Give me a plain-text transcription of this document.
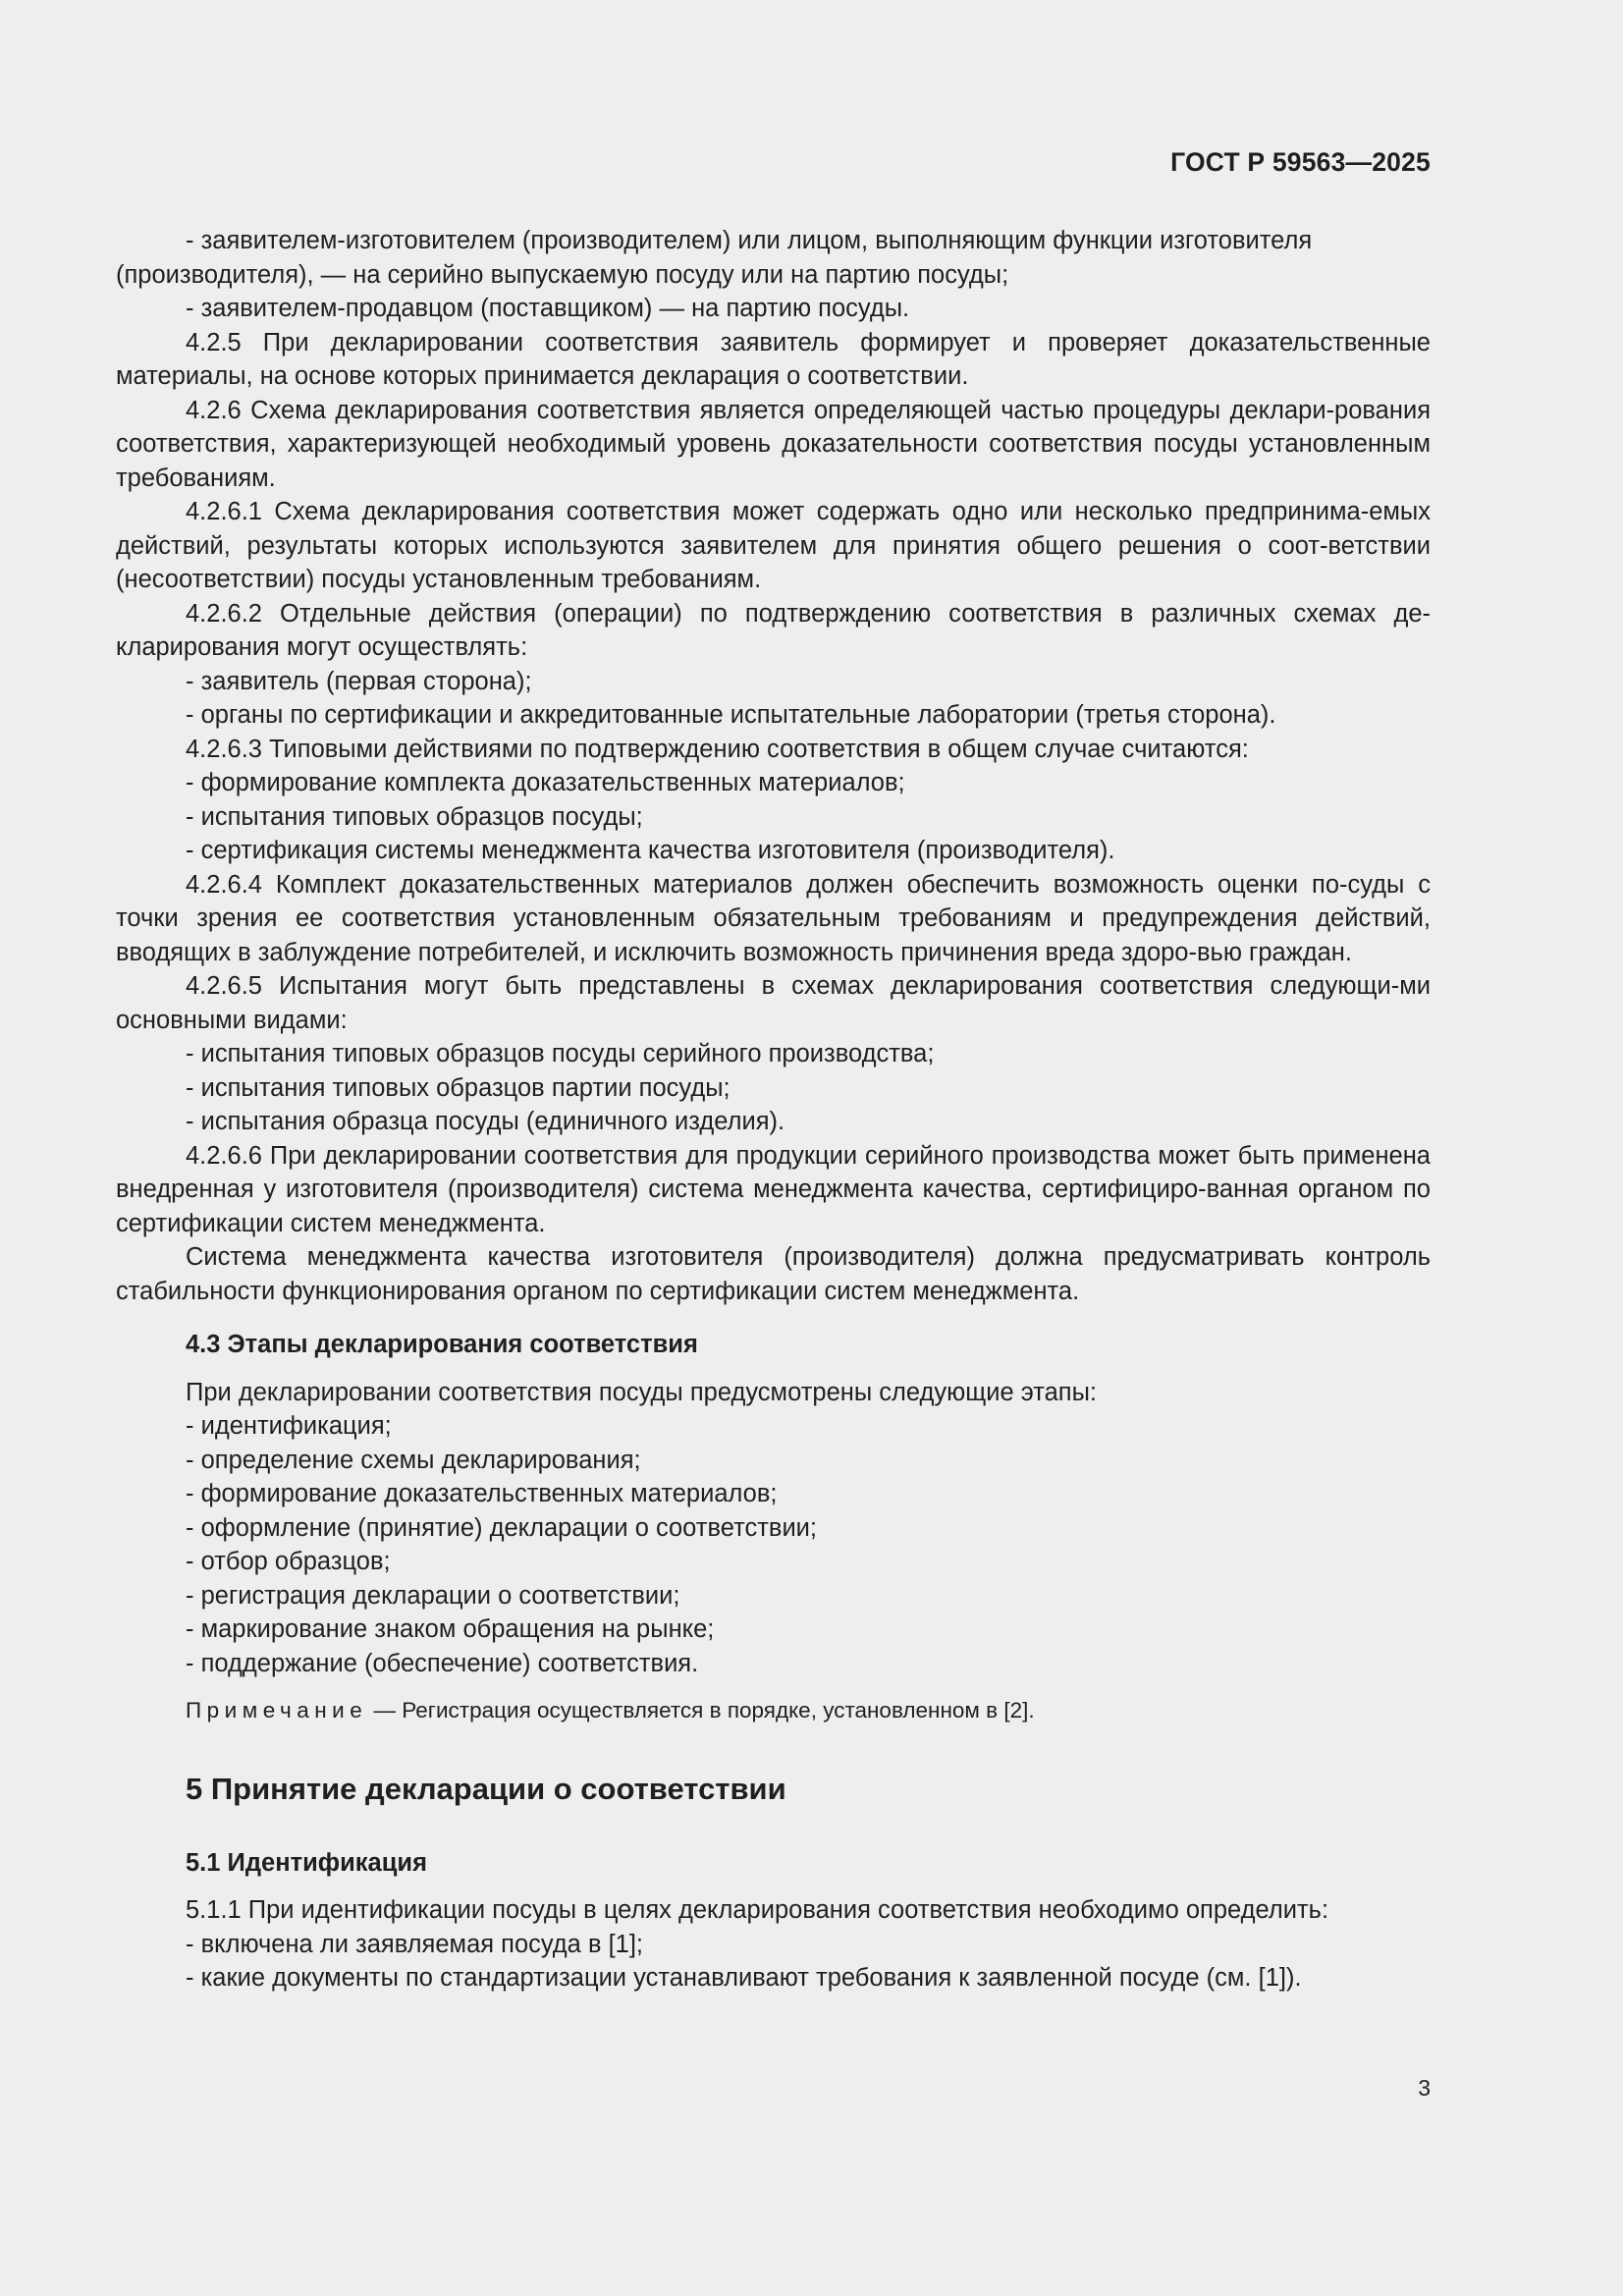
ГОСТ Р 59563—2025

- заявителем-изготовителем (производителем) или лицом, выполняющим функции изготовителя

(производителя), — на серийно выпускаемую посуду или на партию посуды;

- заявителем-продавцом (поставщиком) — на партию посуды.

4.2.5 При декларировании соответствия заявитель формирует и проверяет доказательственные материалы, на основе которых принимается декларация о соответствии.

4.2.6 Схема декларирования соответствия является определяющей частью процедуры деклари-рования соответствия, характеризующей необходимый уровень доказательности соответствия посуды установленным требованиям.

4.2.6.1 Схема декларирования соответствия может содержать одно или несколько предпринима-емых действий, результаты которых используются заявителем для принятия общего решения о соот-ветствии (несоответствии) посуды установленным требованиям.

4.2.6.2 Отдельные действия (операции) по подтверждению соответствия в различных схемах де-кларирования могут осуществлять:

- заявитель (первая сторона);

- органы по сертификации и аккредитованные испытательные лаборатории (третья сторона).

4.2.6.3 Типовыми действиями по подтверждению соответствия в общем случае считаются:

- формирование комплекта доказательственных материалов;

- испытания типовых образцов посуды;

- сертификация системы менеджмента качества изготовителя (производителя).

4.2.6.4 Комплект доказательственных материалов должен обеспечить возможность оценки по-суды с точки зрения ее соответствия установленным обязательным требованиям и предупреждения действий, вводящих в заблуждение потребителей, и исключить возможность причинения вреда здоро-вью граждан.

4.2.6.5 Испытания могут быть представлены в схемах декларирования соответствия следующи-ми основными видами:

- испытания типовых образцов посуды серийного производства;

- испытания типовых образцов партии посуды;

- испытания образца посуды (единичного изделия).

4.2.6.6 При декларировании соответствия для продукции серийного производства может быть применена внедренная у изготовителя (производителя) система менеджмента качества, сертифициро-ванная органом по сертификации систем менеджмента.

Система менеджмента качества изготовителя (производителя) должна предусматривать контроль стабильности функционирования органом по сертификации систем менеджмента.

4.3 Этапы декларирования соответствия

При декларировании соответствия посуды предусмотрены следующие этапы:

- идентификация;

- определение схемы декларирования;

- формирование доказательственных материалов;

- оформление (принятие) декларации о соответствии;

- отбор образцов;

- регистрация декларации о соответствии;

- маркирование знаком обращения на рынке;

- поддержание (обеспечение) соответствия.

Примечание — Регистрация осуществляется в порядке, установленном в [2].

5 Принятие декларации о соответствии
5.1 Идентификация

5.1.1 При идентификации посуды в целях декларирования соответствия необходимо определить:

- включена ли заявляемая посуда в [1];

- какие документы по стандартизации устанавливают требования к заявленной посуде (см. [1]).

3
